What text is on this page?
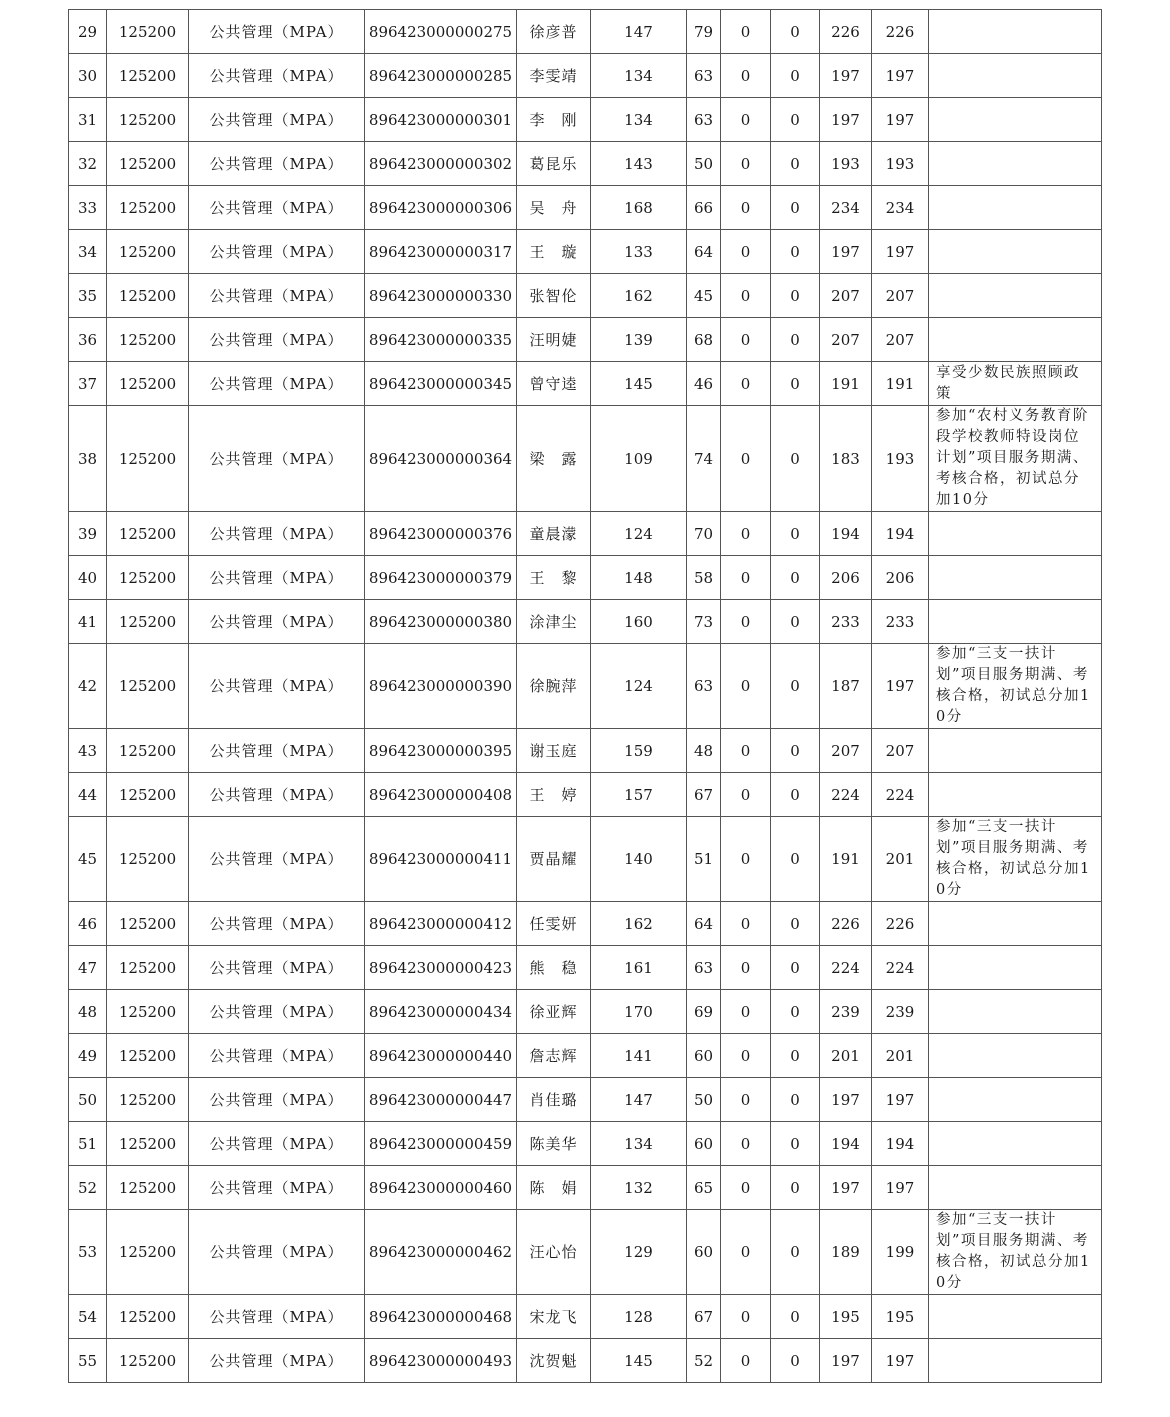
29	125200	公共管理（MPA）	896423000000275	徐彦普	147	79	0	0	226	226	
30	125200	公共管理（MPA）	896423000000285	李雯靖	134	63	0	0	197	197	
31	125200	公共管理（MPA）	896423000000301	李　刚	134	63	0	0	197	197	
32	125200	公共管理（MPA）	896423000000302	葛昆乐	143	50	0	0	193	193	
33	125200	公共管理（MPA）	896423000000306	吴　舟	168	66	0	0	234	234	
34	125200	公共管理（MPA）	896423000000317	王　璇	133	64	0	0	197	197	
35	125200	公共管理（MPA）	896423000000330	张智伦	162	45	0	0	207	207	
36	125200	公共管理（MPA）	896423000000335	汪明婕	139	68	0	0	207	207	
37	125200	公共管理（MPA）	896423000000345	曾守逵	145	46	0	0	191	191	享受少数民族照顾政策
38	125200	公共管理（MPA）	896423000000364	梁　露	109	74	0	0	183	193	参加“农村义务教育阶段学校教师特设岗位计划”项目服务期满、考核合格，初试总分加10分
39	125200	公共管理（MPA）	896423000000376	童晨濛	124	70	0	0	194	194	
40	125200	公共管理（MPA）	896423000000379	王　黎	148	58	0	0	206	206	
41	125200	公共管理（MPA）	896423000000380	涂津尘	160	73	0	0	233	233	
42	125200	公共管理（MPA）	896423000000390	徐腕萍	124	63	0	0	187	197	参加“三支一扶计划”项目服务期满、考核合格，初试总分加10分
43	125200	公共管理（MPA）	896423000000395	谢玉庭	159	48	0	0	207	207	
44	125200	公共管理（MPA）	896423000000408	王　婷	157	67	0	0	224	224	
45	125200	公共管理（MPA）	896423000000411	贾晶耀	140	51	0	0	191	201	参加“三支一扶计划”项目服务期满、考核合格，初试总分加10分
46	125200	公共管理（MPA）	896423000000412	任雯妍	162	64	0	0	226	226	
47	125200	公共管理（MPA）	896423000000423	熊　稳	161	63	0	0	224	224	
48	125200	公共管理（MPA）	896423000000434	徐亚辉	170	69	0	0	239	239	
49	125200	公共管理（MPA）	896423000000440	詹志辉	141	60	0	0	201	201	
50	125200	公共管理（MPA）	896423000000447	肖佳璐	147	50	0	0	197	197	
51	125200	公共管理（MPA）	896423000000459	陈美华	134	60	0	0	194	194	
52	125200	公共管理（MPA）	896423000000460	陈　娟	132	65	0	0	197	197	
53	125200	公共管理（MPA）	896423000000462	汪心怡	129	60	0	0	189	199	参加“三支一扶计划”项目服务期满、考核合格，初试总分加10分
54	125200	公共管理（MPA）	896423000000468	宋龙飞	128	67	0	0	195	195	
55	125200	公共管理（MPA）	896423000000493	沈贺魁	145	52	0	0	197	197	
